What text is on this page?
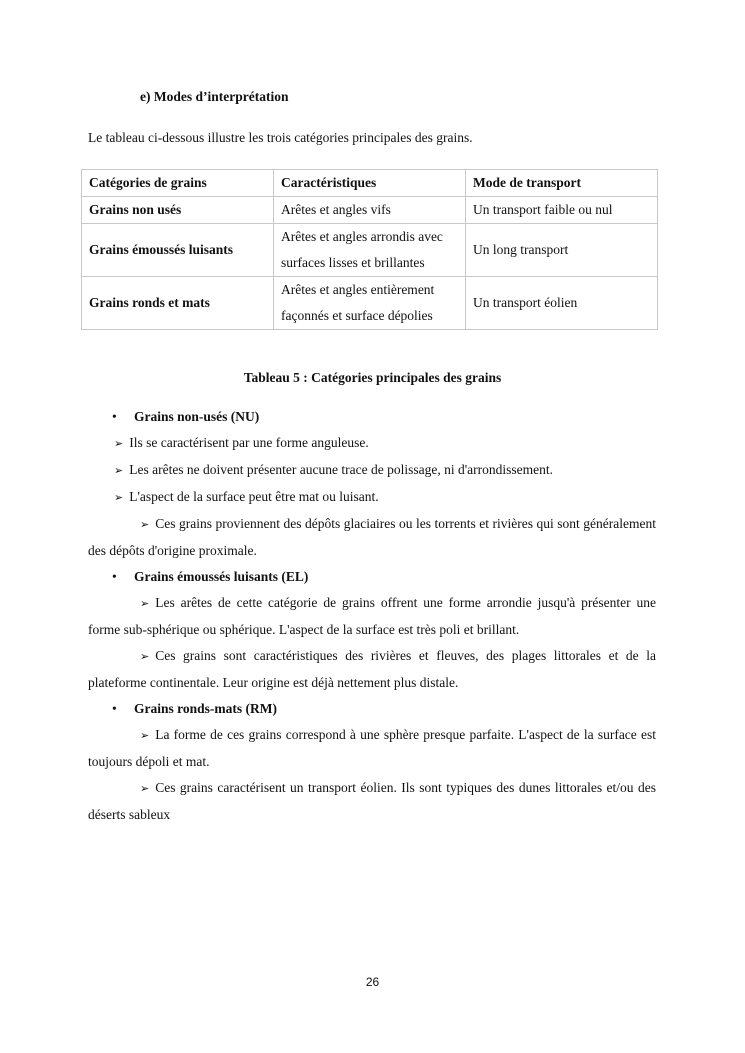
e) Modes d’interprétation
Le tableau ci-dessous illustre les trois catégories principales des grains.
Catégories de grains	Caractéristiques	Mode de transport
Grains non usés	Arêtes et angles vifs	Un transport faible ou nul
Grains émoussés luisants	Arêtes et angles arrondis avec surfaces lisses et brillantes	Un long transport
Grains ronds et mats	Arêtes et angles entièrement façonnés et surface dépolies	Un transport éolien
Tableau 5 : Catégories principales des grains
• Grains non-usés (NU)
➢ Ils se caractérisent par une forme anguleuse.
➢ Les arêtes ne doivent présenter aucune trace de polissage, ni d'arrondissement.
➢ L'aspect de la surface peut être mat ou luisant.
➢ Ces grains proviennent des dépôts glaciaires ou les torrents et rivières qui sont généralement des dépôts d'origine proximale.
• Grains émoussés luisants (EL)
➢ Les arêtes de cette catégorie de grains offrent une forme arrondie jusqu'à présenter une forme sub-sphérique ou sphérique. L'aspect de la surface est très poli et brillant.
➢ Ces grains sont caractéristiques des rivières et fleuves, des plages littorales et de la plateforme continentale. Leur origine est déjà nettement plus distale.
• Grains ronds-mats (RM)
➢ La forme de ces grains correspond à une sphère presque parfaite. L'aspect de la surface est toujours dépoli et mat.
➢ Ces grains caractérisent un transport éolien. Ils sont typiques des dunes littorales et/ou des déserts sableux
26
